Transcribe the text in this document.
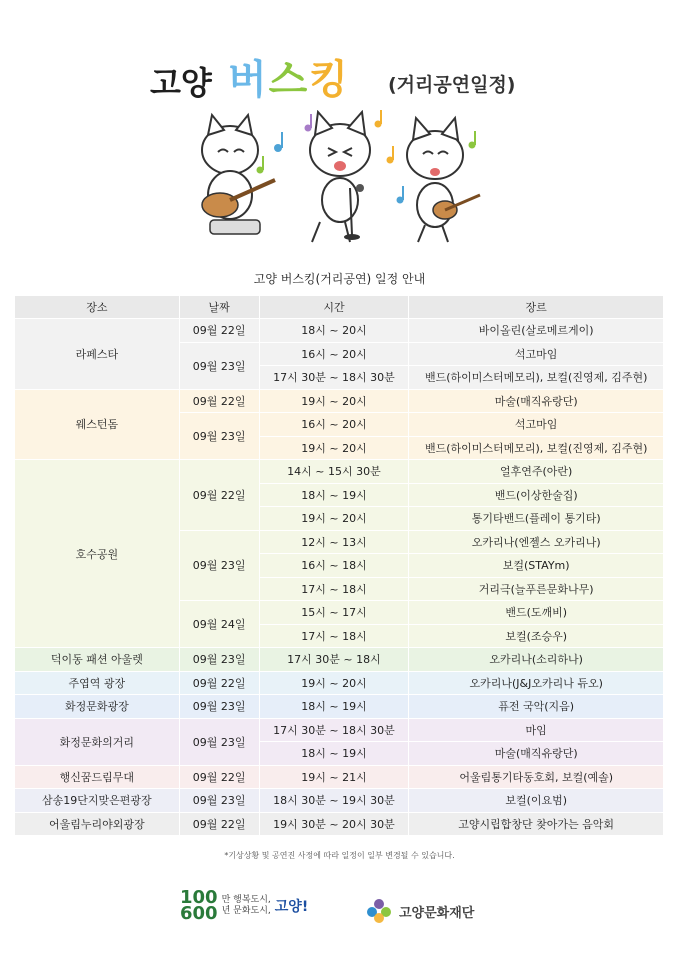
고양 버스킹 (거리공연일정)
고양 버스킹(거리공연) 일정 안내
장소	날짜	시간	장르
라페스타	09월 22일	18시 ~ 20시	바이올린(살로메르게이)
	09월 23일	16시 ~ 20시	석고마임
		17시 30분 ~ 18시 30분	밴드(하이미스터메모리), 보컬(진영제, 김주현)
웨스턴돔	09월 22일	19시 ~ 20시	마술(매직유랑단)
	09월 23일	16시 ~ 20시	석고마임
		19시 ~ 20시	밴드(하이미스터메모리), 보컬(진영제, 김주현)
호수공원	09월 22일	14시 ~ 15시 30분	얼후연주(아란)
		18시 ~ 19시	밴드(이상한술집)
		19시 ~ 20시	통기타밴드(플레이 통기타)
	09월 23일	12시 ~ 13시	오카리나(엔젤스 오카리나)
		16시 ~ 18시	보컬(STAYm)
		17시 ~ 18시	거리극(늘푸른문화나무)
	09월 24일	15시 ~ 17시	밴드(도깨비)
		17시 ~ 18시	보컬(조승우)
덕이동 패션 아울렛	09월 23일	17시 30분 ~ 18시	오카리나(소리하나)
주엽역 광장	09월 22일	19시 ~ 20시	오카리나(J&J오카리나 듀오)
화정문화광장	09월 23일	18시 ~ 19시	퓨전 국악(지음)
화정문화의거리	09월 23일	17시 30분 ~ 18시 30분	마임
		18시 ~ 19시	마술(매직유랑단)
행신꿈드림무대	09월 22일	19시 ~ 21시	어울림통기타동호회, 보컬(예솔)
삼송19단지맞은편광장	09월 23일	18시 30분 ~ 19시 30분	보컬(이요범)
어울림누리야외광장	09월 22일	19시 30분 ~ 20시 30분	고양시립합창단 찾아가는 음악회
*기상상황 및 공연진 사정에 따라 일정이 일부 변경될 수 있습니다.
100
600
만 행복도시,
년 문화도시, 고양!	고양문화재단
